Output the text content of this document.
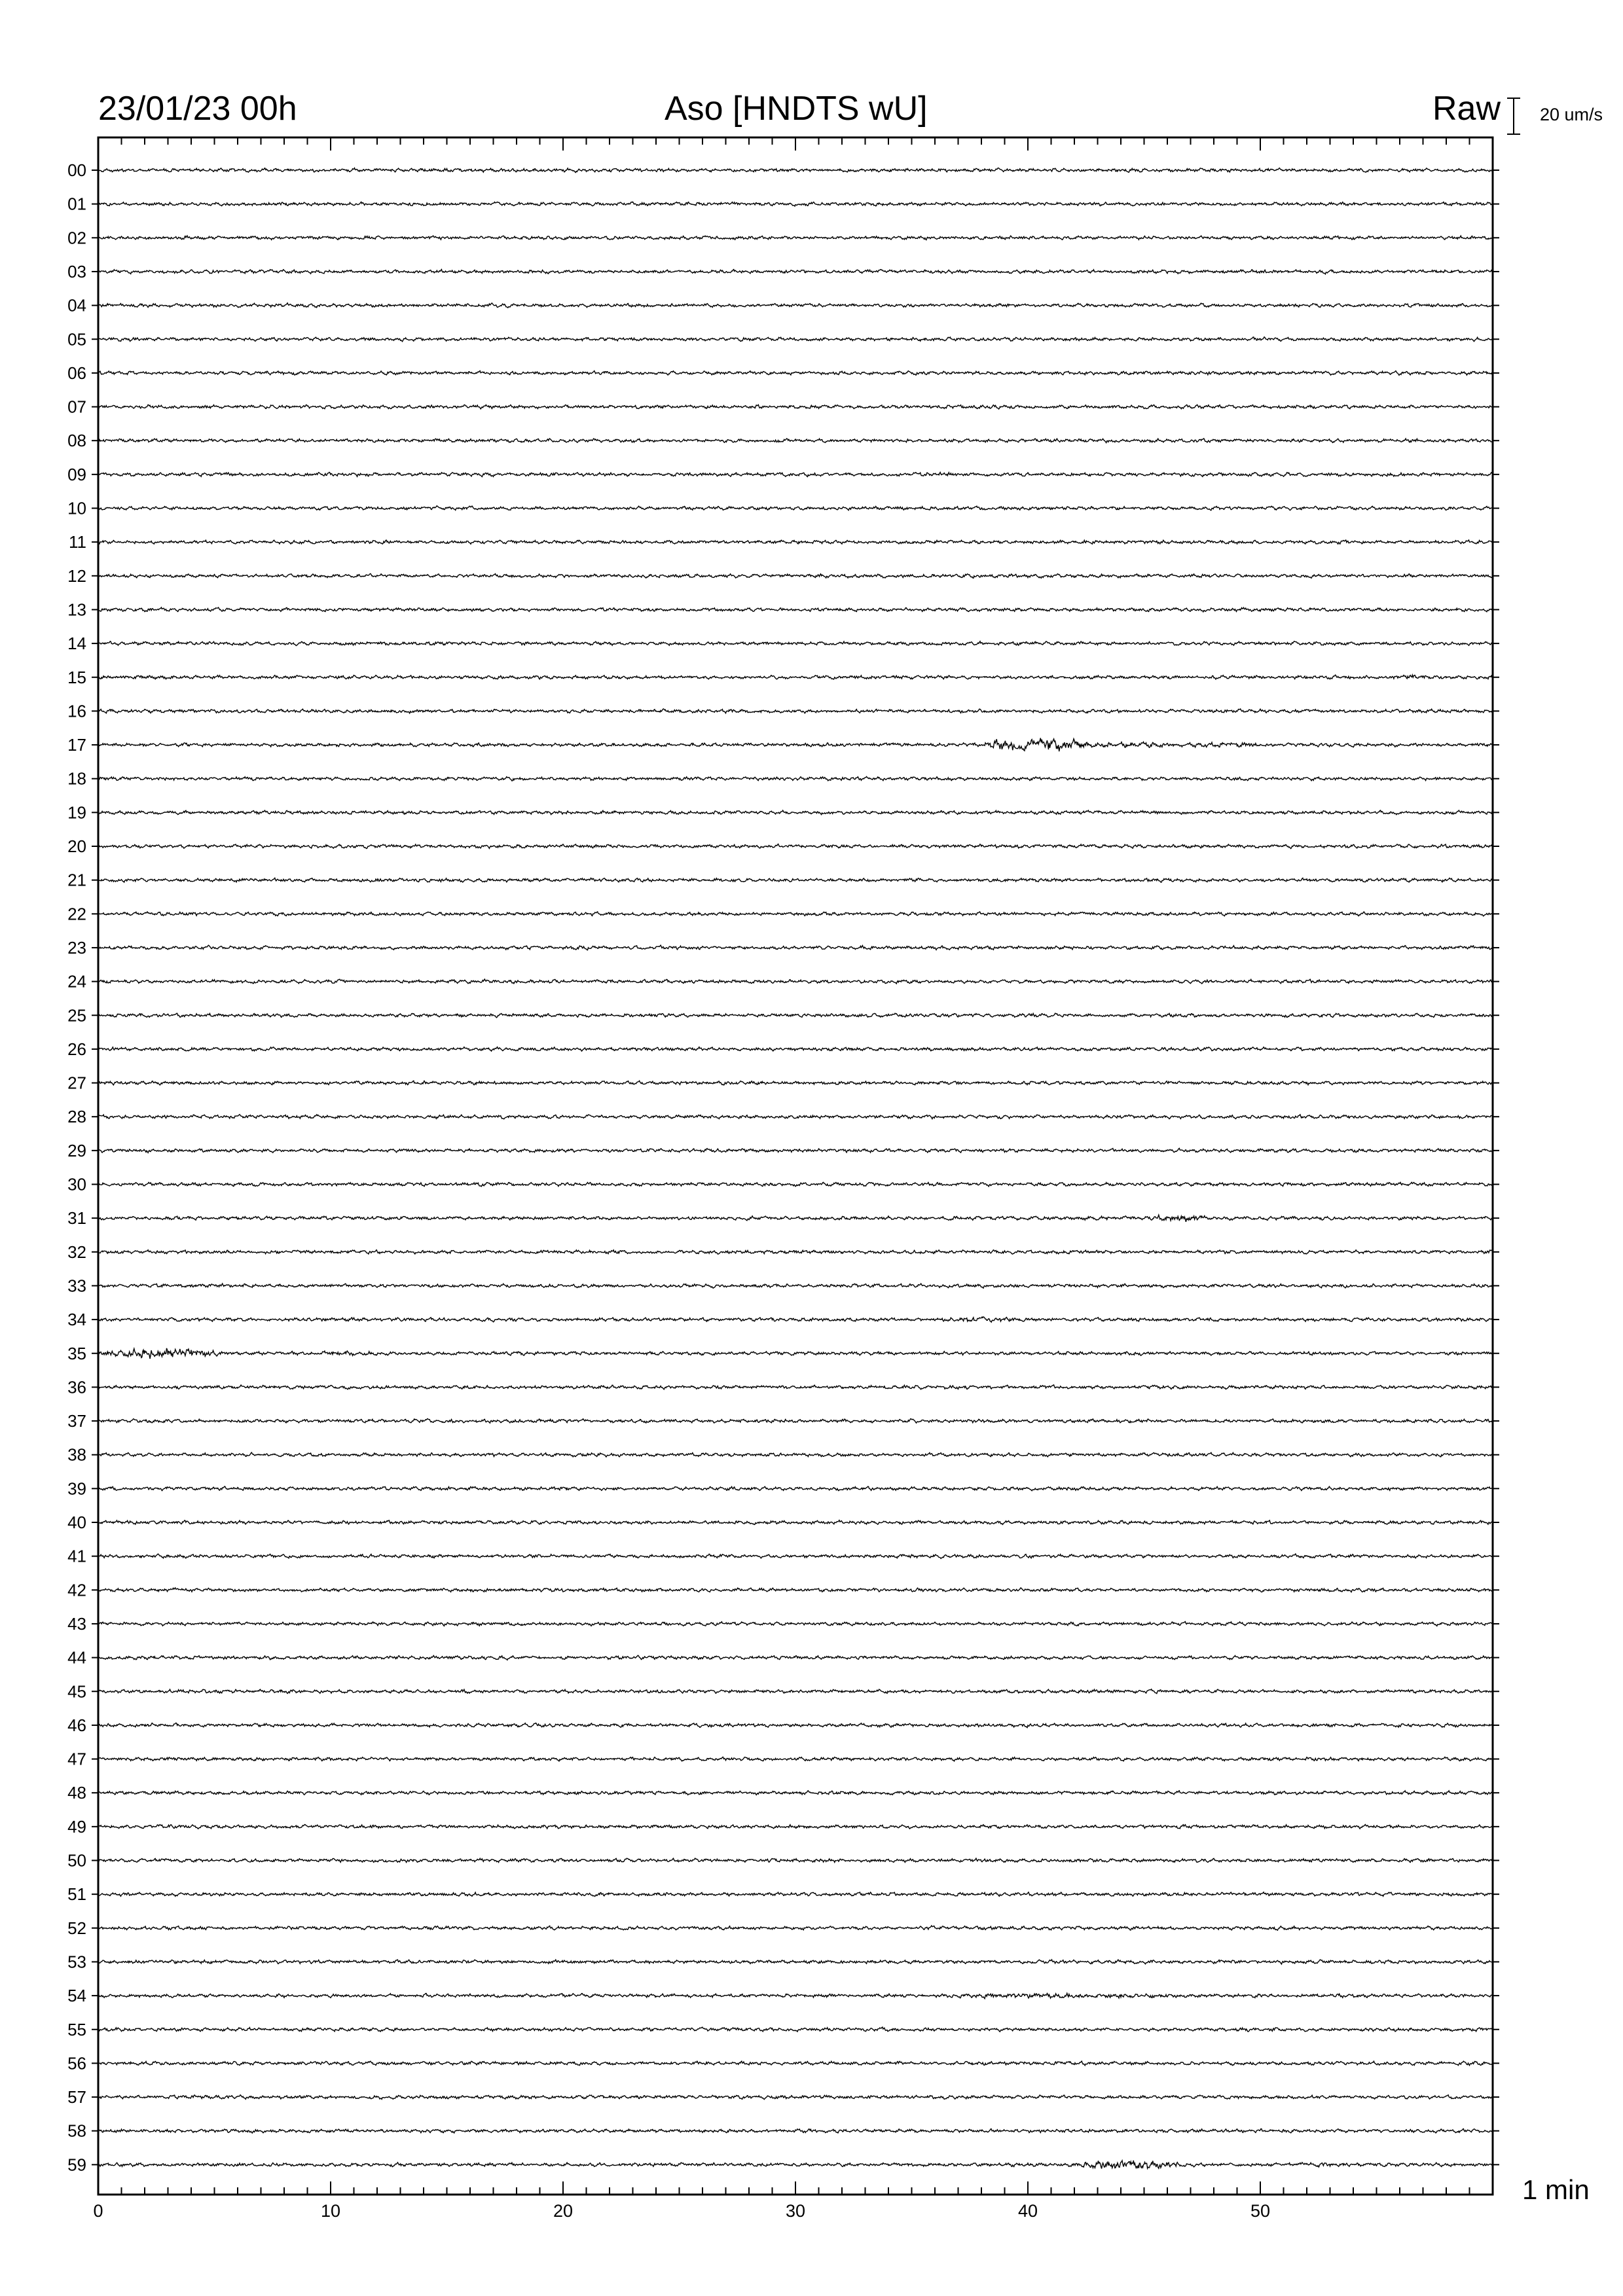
00
01
02
03
04
05
06
07
08
09
10
11
12
13
14
15
16
17
18
19
20
21
22
23
24
25
26
27
28
29
30
31
32
33
34
35
36
37
38
39
40
41
42
43
44
45
46
47
48
49
50
51
52
53
54
55
56
57
58
59
0	10	20	30	40	50
23/01/23 00h	Aso [HNDTS wU]	Raw 20 um/s
1 min
